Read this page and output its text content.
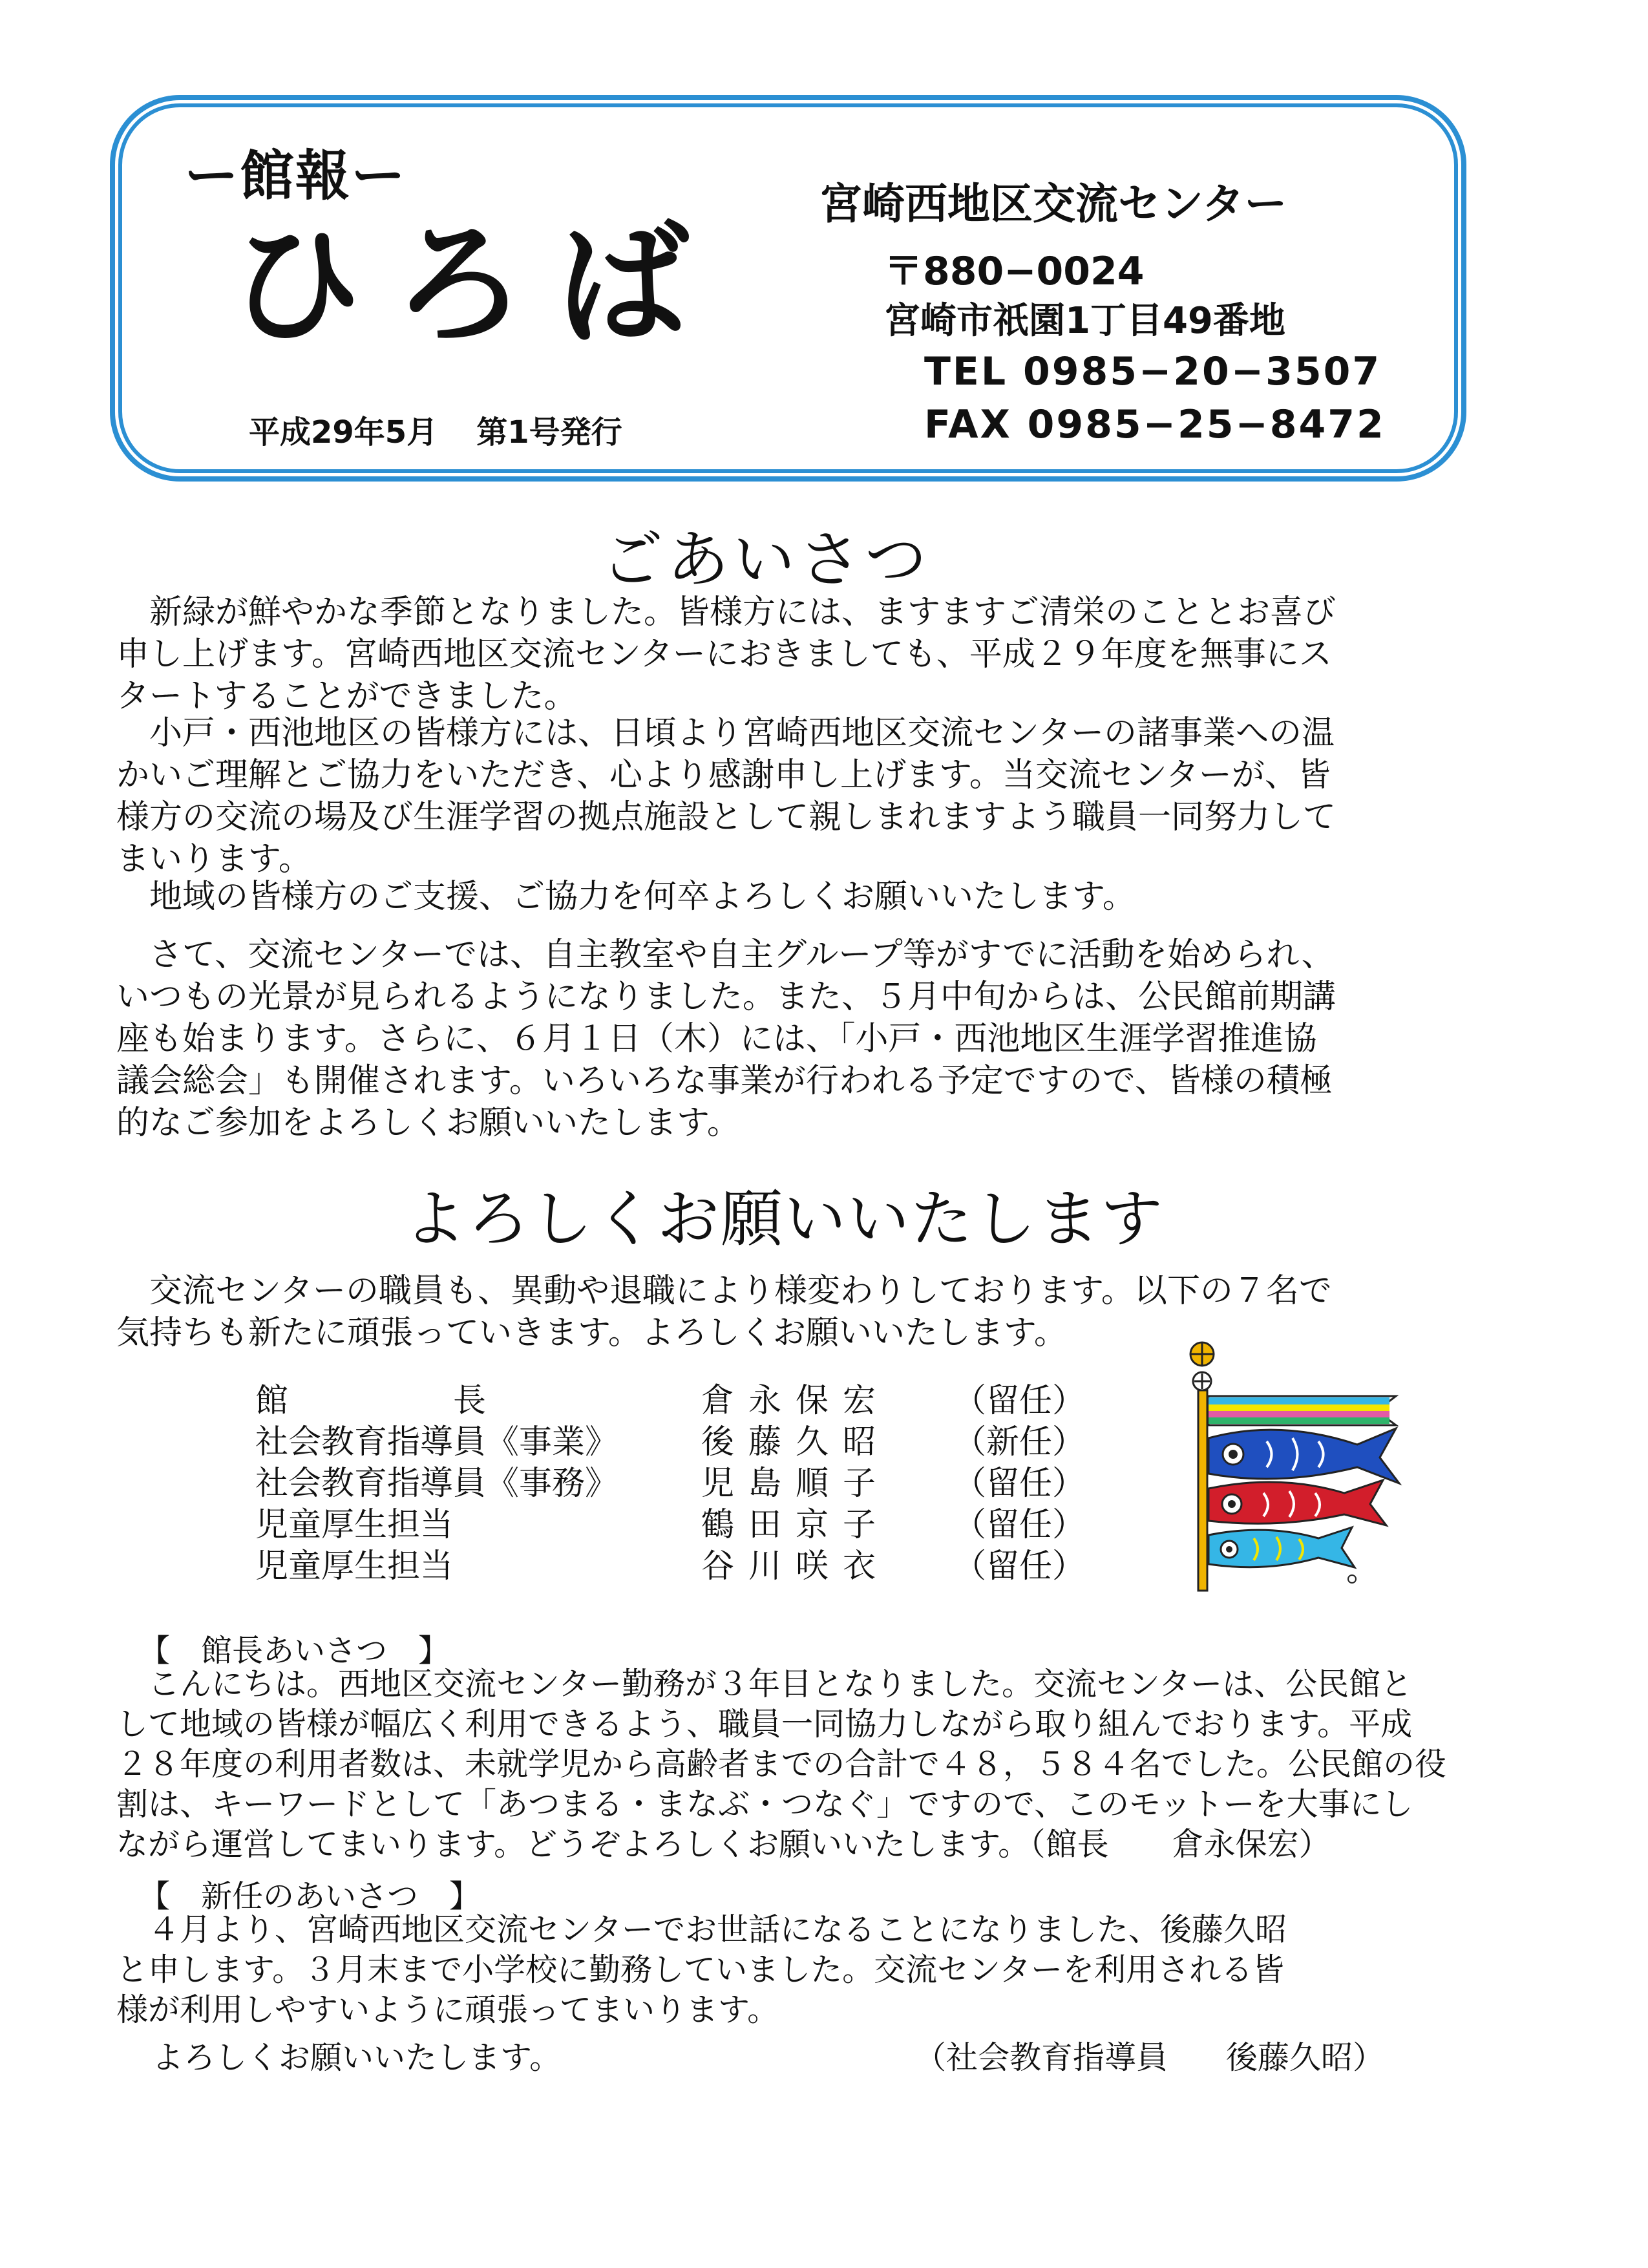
ー館報ー
ひろば
平成29年5月 第1号発行
宮崎西地区交流センター
〒880−0024
宮崎市祇園1丁目49番地
TEL 0985−20−3507
FAX 0985−25−8472
ごあいさつ
　新緑が鮮やかな季節となりました。皆様方には、ますますご清栄のこととお喜び
申し上げます。宮崎西地区交流センターにおきましても、平成２９年度を無事にス
タートすることができました。
　小戸・西池地区の皆様方には、日頃より宮崎西地区交流センターの諸事業への温
かいご理解とご協力をいただき、心より感謝申し上げます。当交流センターが、皆
様方の交流の場及び生涯学習の拠点施設として親しまれますよう職員一同努力して
まいります。
　地域の皆様方のご支援、ご協力を何卒よろしくお願いいたします。
　さて、交流センターでは、自主教室や自主グループ等がすでに活動を始められ、
いつもの光景が見られるようになりました。また、５月中旬からは、公民館前期講
座も始まります。さらに、６月１日（木）には、「小戸・西池地区生涯学習推進協
議会総会」も開催されます。いろいろな事業が行われる予定ですので、皆様の積極
的なご参加をよろしくお願いいたします。
よろしくお願いいたします
　交流センターの職員も、異動や退職により様変わりしております。以下の７名で
気持ちも新たに頑張っていきます。よろしくお願いいたします。
館　　　　　長	倉永保宏	（留任）
社会教育指導員《事業》	後藤久昭	（新任）
社会教育指導員《事務》	児島順子	（留任）
児童厚生担当	鶴田京子	（留任）
児童厚生担当	谷川咲衣	（留任）
【　館長あいさつ　】
　こんにちは。西地区交流センター勤務が３年目となりました。交流センターは、公民館と
して地域の皆様が幅広く利用できるよう、職員一同協力しながら取り組んでおります。平成
２８年度の利用者数は、未就学児から高齢者までの合計で４８，５８４名でした。公民館の役
割は、キーワードとして「あつまる・まなぶ・つなぐ」ですので、このモットーを大事にし
ながら運営してまいります。どうぞよろしくお願いいたします。（館長　　倉永保宏）
【　新任のあいさつ　】
　４月より、宮崎西地区交流センターでお世話になることになりました、後藤久昭
と申します。３月末まで小学校に勤務していました。交流センターを利用される皆
様が利用しやすいように頑張ってまいります。
よろしくお願いいたします。	（社会教育指導員 後藤久昭）
